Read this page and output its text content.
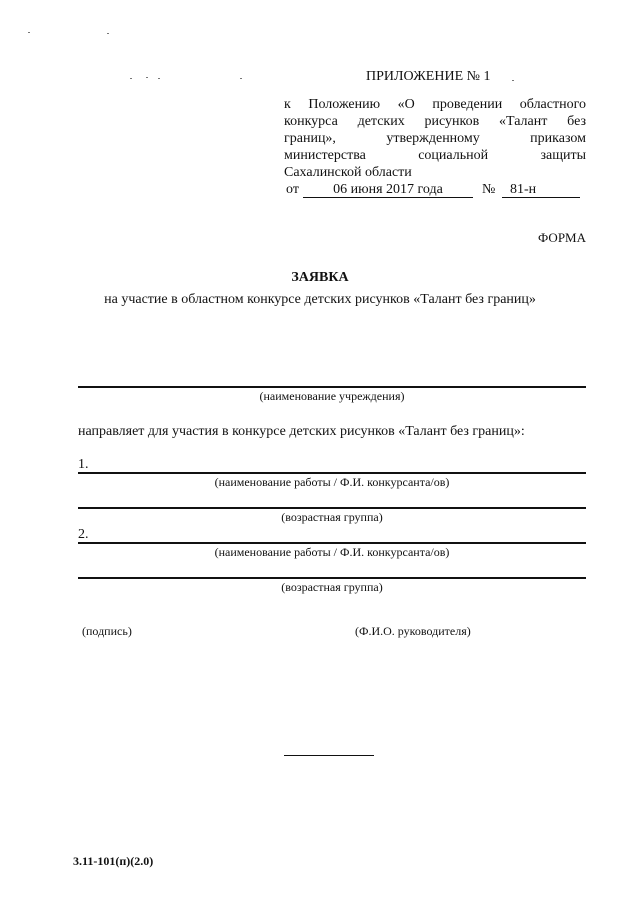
ПРИЛОЖЕНИЕ № 1
к Положению «О проведении областного
конкурса детских рисунков «Талант без
границ», утвержденному приказом
министерства социальной защиты
Сахалинской области
от	06 июня 2017 года	№ 81-н
ФОРМА
ЗАЯВКА
на участие в областном конкурсе детских рисунков «Талант без границ»
(наименование учреждения)
направляет для участия в конкурсе детских рисунков «Талант без границ»:
1.
(наименование работы / Ф.И. конкурсанта/ов)
(возрастная группа)
2.
(наименование работы / Ф.И. конкурсанта/ов)
(возрастная группа)
(подпись)	(Ф.И.О. руководителя)
3.11-101(п)(2.0)
